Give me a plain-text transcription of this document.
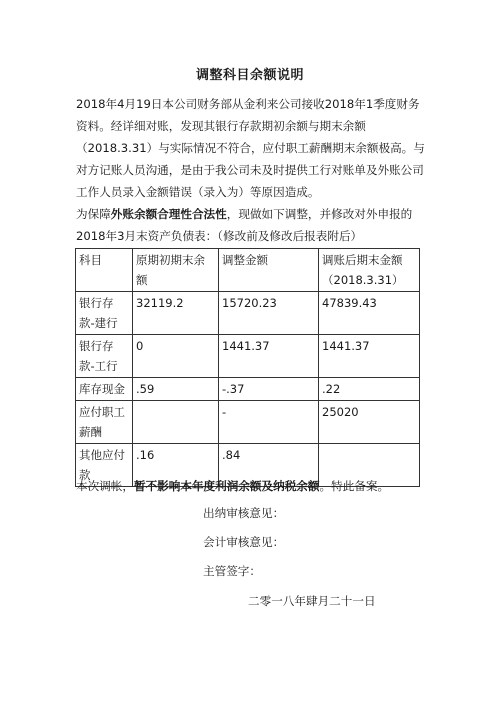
调整科目余额说明

2018年4月19日本公司财务部从金利来公司接收2018年1季度财务资料。经详细对账，发现其银行存款期初余额与期末余额（2018.3.31）与实际情况不符合，应付职工薪酬期末余额极高。与对方记账人员沟通，是由于我公司未及时提供工行对账单及外账公司工作人员录入金额错误（录入为）等原因造成。

为保障外账余额合理性合法性，现做如下调整，并修改对外申报的2018年3月末资产负债表：（修改前及修改后报表附后）

科目	原期初期末余额	调整金额	调账后期末金额（2018.3.31）
银行存款-建行	32119.2	15720.23	47839.43
银行存款-工行	0	1441.37	1441.37
库存现金	.59	-.37	.22
应付职工薪酬		-	25020
其他应付款	.16	.84	

本次调帐，暂不影响本年度利润余额及纳税余额。特此备案。

出纳审核意见：

会计审核意见：

主管签字：

二零一八年肆月二十一日
